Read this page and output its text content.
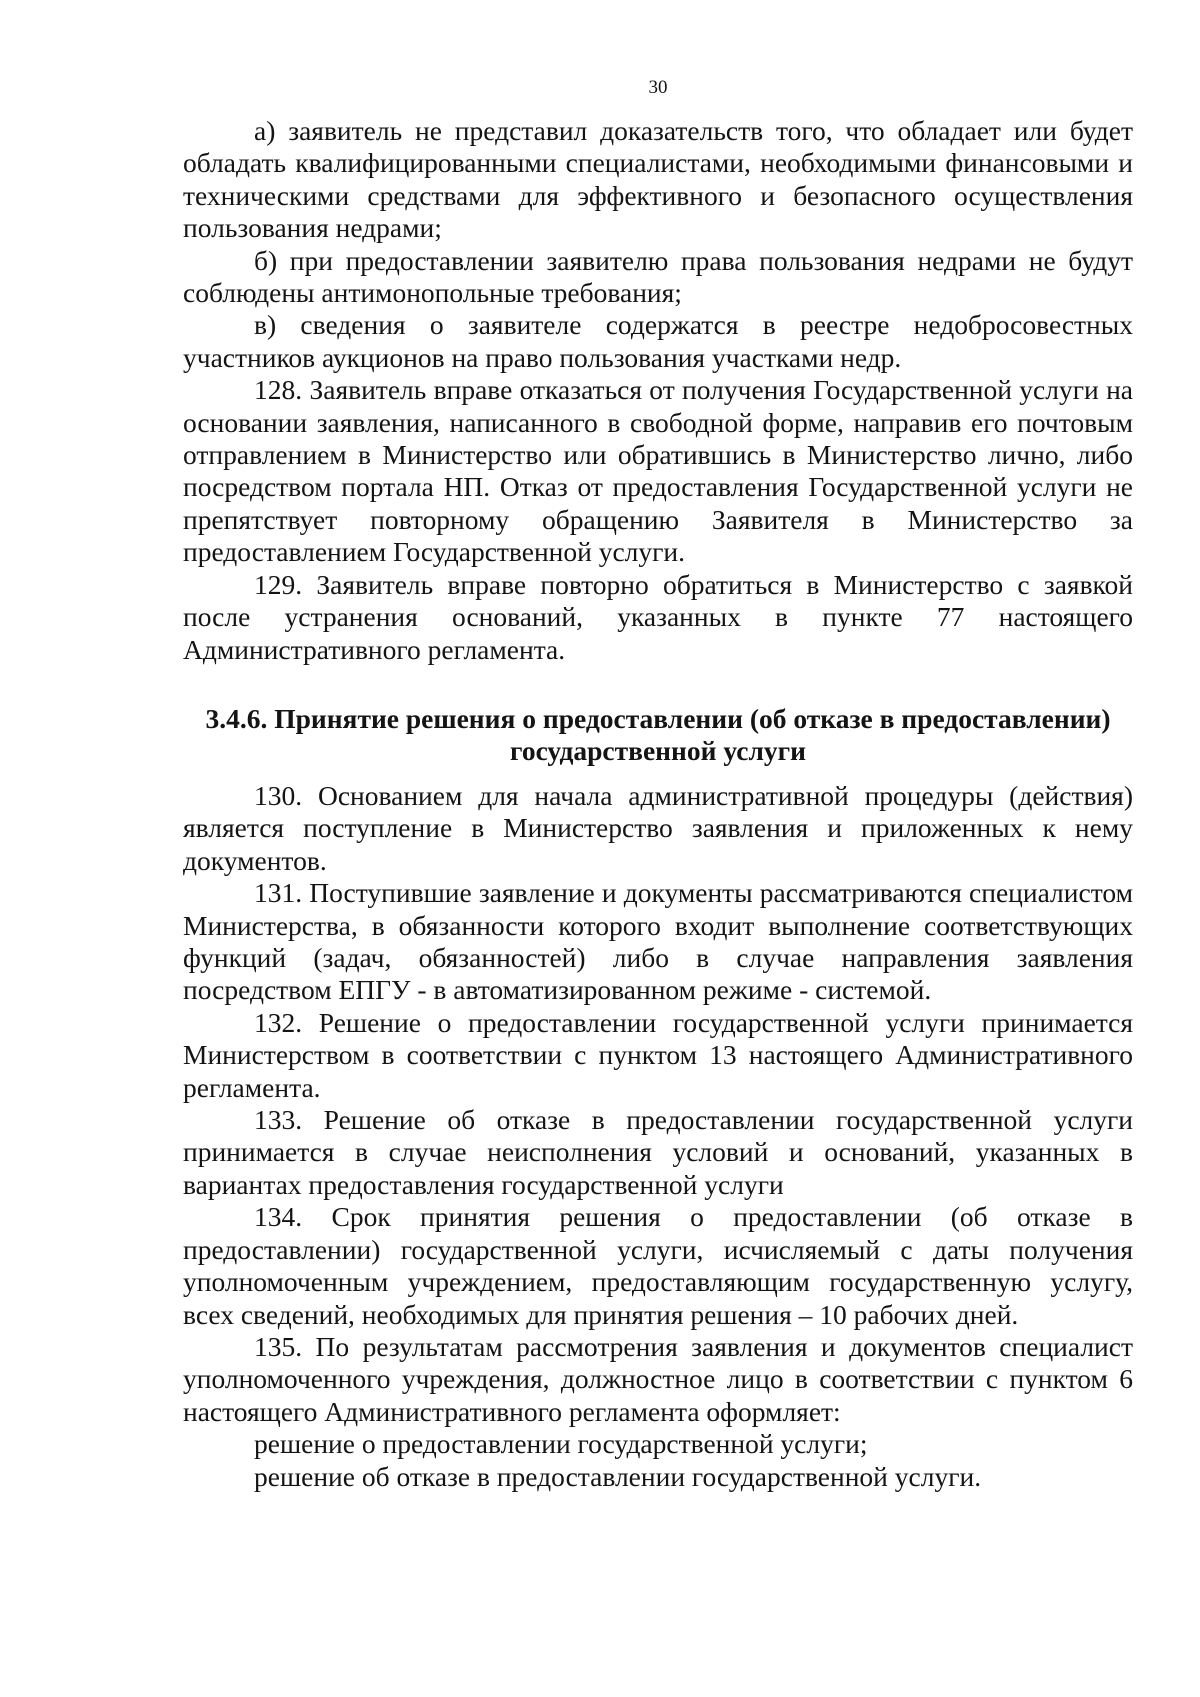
30

а) заявитель не представил доказательств того, что обладает или будет обладать квалифицированными специалистами, необходимыми финансовыми и техническими средствами для эффективного и безопасного осуществления пользования недрами;

б) при предоставлении заявителю права пользования недрами не будут соблюдены антимонопольные требования;

в) сведения о заявителе содержатся в реестре недобросовестных участников аукционов на право пользования участками недр.

128. Заявитель вправе отказаться от получения Государственной услуги на основании заявления, написанного в свободной форме, направив его почтовым отправлением в Министерство или обратившись в Министерство лично, либо посредством портала НП. Отказ от предоставления Государственной услуги не препятствует повторному обращению Заявителя в Министерство за предоставлением Государственной услуги.

129. Заявитель вправе повторно обратиться в Министерство с заявкой после устранения оснований, указанных в пункте 77 настоящего Административного регламента.

3.4.6. Принятие решения о предоставлении (об отказе в предоставлении)
государственной услуги

130. Основанием для начала административной процедуры (действия) является поступление в Министерство заявления и приложенных к нему документов.

131. Поступившие заявление и документы рассматриваются специалистом Министерства, в обязанности которого входит выполнение соответствующих функций (задач, обязанностей) либо в случае направления заявления посредством ЕПГУ - в автоматизированном режиме - системой.

132. Решение о предоставлении государственной услуги принимается Министерством в соответствии с пунктом 13 настоящего Административного регламента.

133. Решение об отказе в предоставлении государственной услуги принимается в случае неисполнения условий и оснований, указанных в вариантах предоставления государственной услуги

134. Срок принятия решения о предоставлении (об отказе в предоставлении) государственной услуги, исчисляемый с даты получения уполномоченным учреждением, предоставляющим государственную услугу, всех сведений, необходимых для принятия решения – 10 рабочих дней.

135. По результатам рассмотрения заявления и документов специалист уполномоченного учреждения, должностное лицо в соответствии с пунктом 6 настоящего Административного регламента оформляет:

решение о предоставлении государственной услуги;

решение об отказе в предоставлении государственной услуги.
